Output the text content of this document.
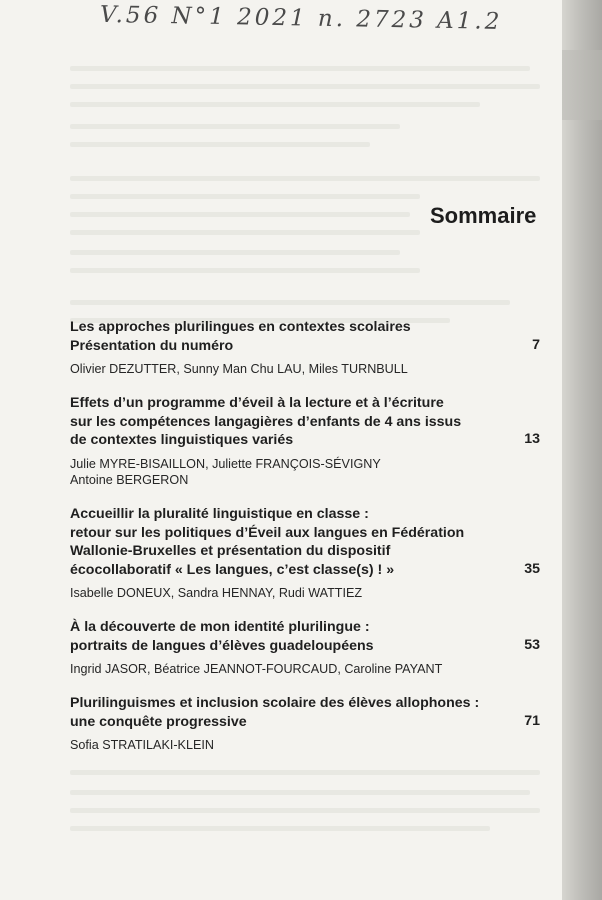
V.56 N°1 2021 n. 2723 A1.2
Sommaire
Les approches plurilingues en contextes scolaires
Présentation du numéro	7
Olivier DEZUTTER, Sunny Man Chu LAU, Miles TURNBULL
Effets d’un programme d’éveil à la lecture et à l’écriture
sur les compétences langagières d’enfants de 4 ans issus
de contextes linguistiques variés	13
Julie MYRE-BISAILLON, Juliette FRANÇOIS-SÉVIGNY
Antoine BERGERON
Accueillir la pluralité linguistique en classe :
retour sur les politiques d’Éveil aux langues en Fédération
Wallonie-Bruxelles et présentation du dispositif
écocollaboratif « Les langues, c’est classe(s) ! »	35
Isabelle DONEUX, Sandra HENNAY, Rudi WATTIEZ
À la découverte de mon identité plurilingue :
portraits de langues d’élèves guadeloupéens	53
Ingrid JASOR, Béatrice JEANNOT-FOURCAUD, Caroline PAYANT
Plurilinguismes et inclusion scolaire des élèves allophones :
une conquête progressive	71
Sofia STRATILAKI-KLEIN
